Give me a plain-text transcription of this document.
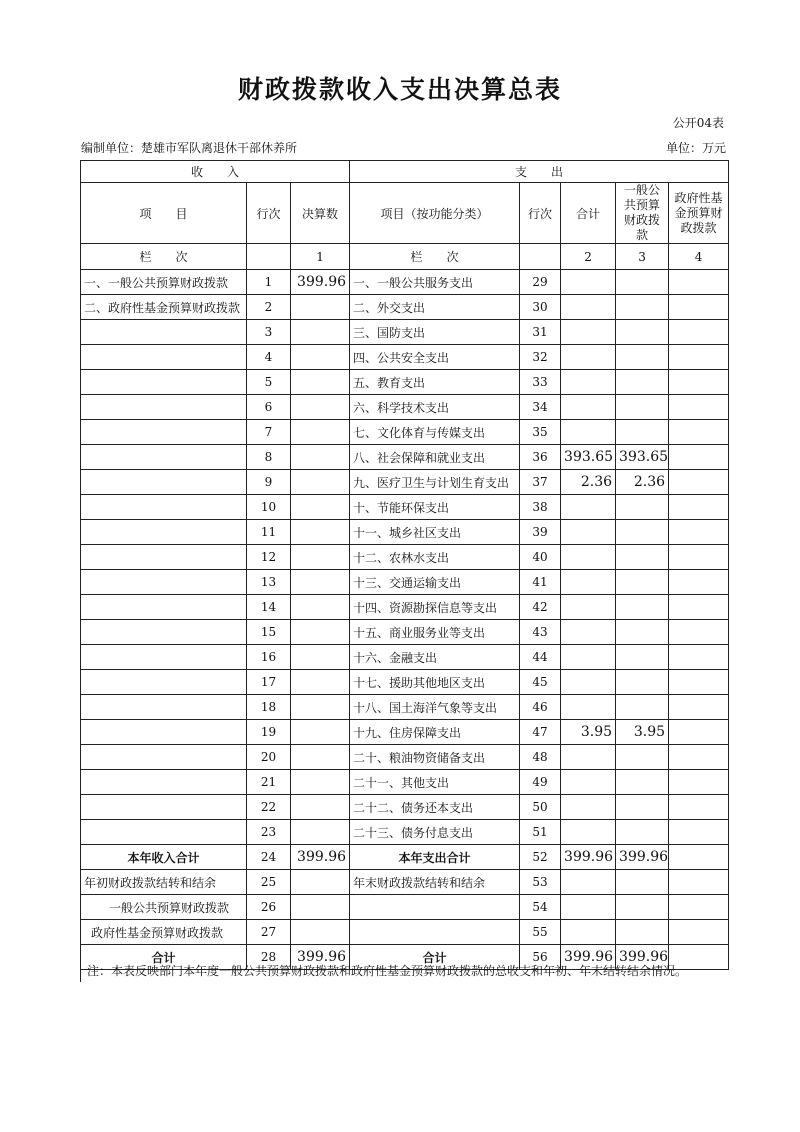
财政拨款收入支出决算总表
公开04表
编制单位：楚雄市军队离退休干部休养所	单位：万元
收　　入			支　　出				
项　　目	行次	决算数	项目（按功能分类）	行次	合计	一般公共预算财政拨款	政府性基金预算财政拨款
栏　　次		1	栏　　次		2	3	4
一、一般公共预算财政拨款	1	399.96	一、一般公共服务支出	29			
二、政府性基金预算财政拨款	2		二、外交支出	30			
	3		三、国防支出	31			
	4		四、公共安全支出	32			
	5		五、教育支出	33			
	6		六、科学技术支出	34			
	7		七、文化体育与传媒支出	35			
	8		八、社会保障和就业支出	36	393.65	393.65	
	9		九、医疗卫生与计划生育支出	37	2.36	2.36	
	10		十、节能环保支出	38			
	11		十一、城乡社区支出	39			
	12		十二、农林水支出	40			
	13		十三、交通运输支出	41			
	14		十四、资源勘探信息等支出	42			
	15		十五、商业服务业等支出	43			
	16		十六、金融支出	44			
	17		十七、援助其他地区支出	45			
	18		十八、国土海洋气象等支出	46			
	19		十九、住房保障支出	47	3.95	3.95	
	20		二十、粮油物资储备支出	48			
	21		二十一、其他支出	49			
	22		二十二、债务还本支出	50			
	23		二十三、债务付息支出	51			
本年收入合计	24	399.96	本年支出合计	52	399.96	399.96	
年初财政拨款结转和结余	25		年末财政拨款结转和结余	53			
一般公共预算财政拨款	26			54			
政府性基金预算财政拨款	27			55			
合计	28	399.96	合计	56	399.96	399.96	
注：本表反映部门本年度一般公共预算财政拨款和政府性基金预算财政拨款的总收支和年初、年末结转结余情况。
